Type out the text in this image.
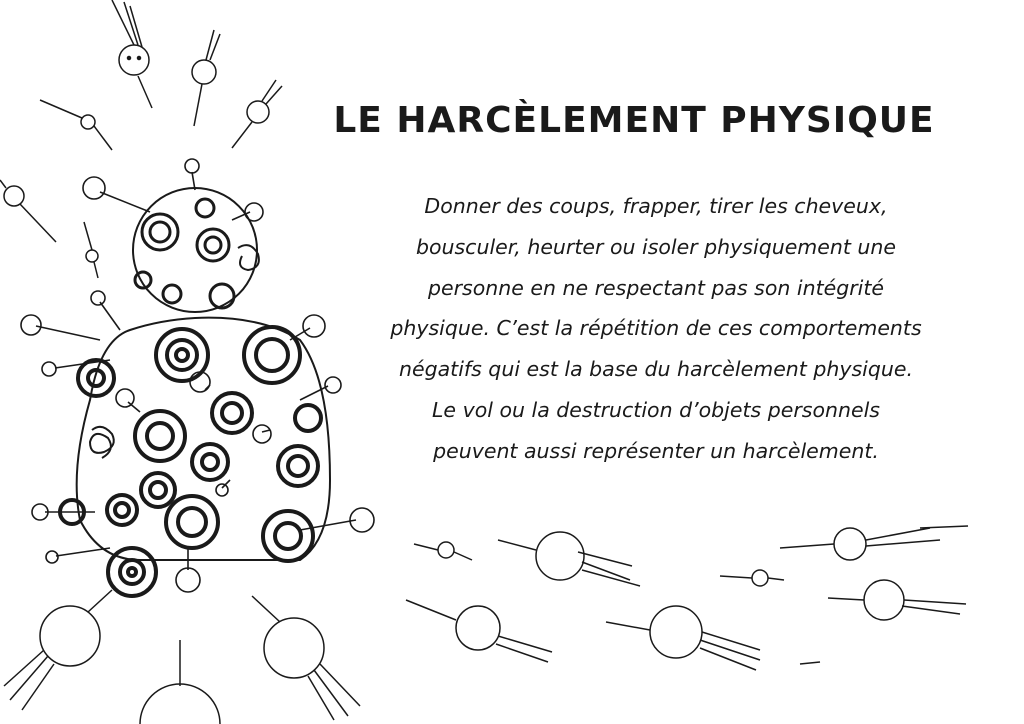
LE HARCÈLEMENT PHYSIQUE
Donner des coups, frapper, tirer les cheveux,
bousculer, heurter ou isoler physiquement une
personne en ne respectant pas son intégrité
physique. C’est la répétition de ces comportements
négatifs qui est la base du harcèlement physique.
Le vol ou la destruction d’objets personnels
peuvent aussi représenter un harcèlement.
